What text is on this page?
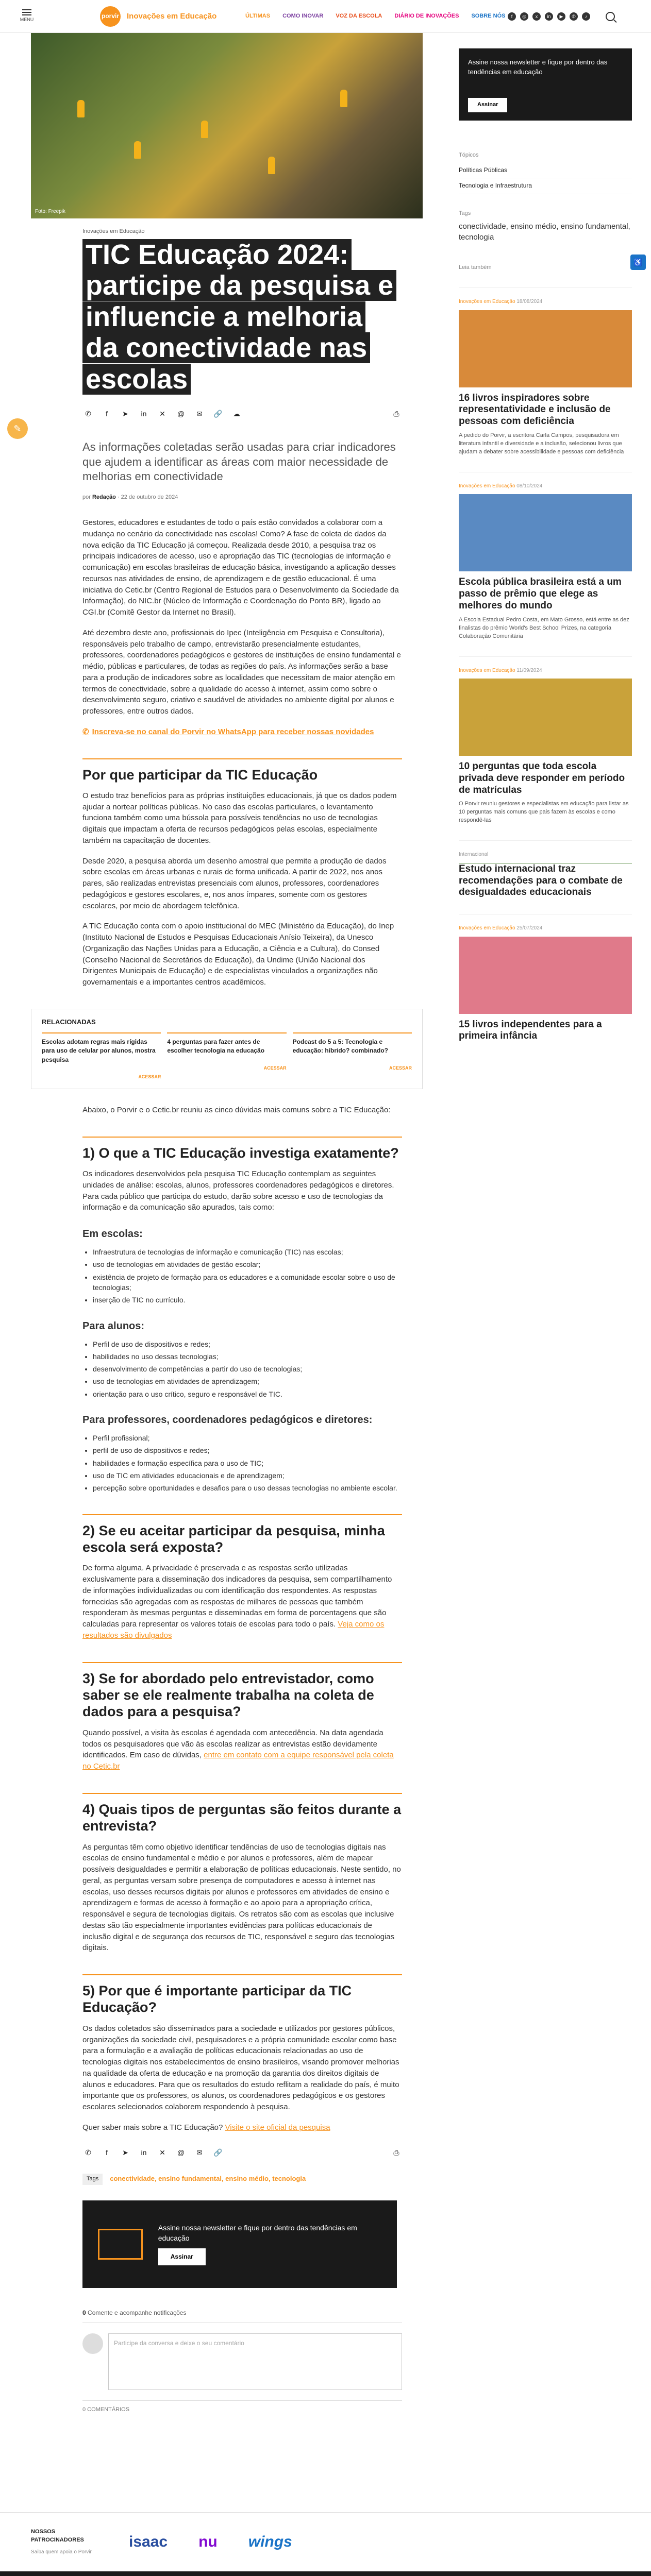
MENU
porvir Inovações em Educação	ÚLTIMAS COMO INOVAR VOZ DA ESCOLA DIÁRIO DE INOVAÇÕES SOBRE NÓS	f	◎	x	in	▶	✆	♪
Foto: Freepik
Inovações em Educação
TIC Educação 2024: participe da pesquisa e influencie a melhoria da conectividade nas escolas
✆	f	➤	in	✕	@	✉	🔗 ☁	⎙

As informações coletadas serão usadas para criar indicadores que ajudem a identificar as áreas com maior necessidade de melhorias em conectividade

por Redação · 22 de outubro de 2024

Gestores, educadores e estudantes de todo o país estão convidados a colaborar com a mudança no cenário da conectividade nas escolas! Como? A fase de coleta de dados da nova edição da TIC Educação já começou. Realizada desde 2010, a pesquisa traz os principais indicadores de acesso, uso e apropriação das TIC (tecnologias de informação e comunicação) em escolas brasileiras de educação básica, investigando a aplicação desses recursos nas atividades de ensino, de aprendizagem e de gestão educacional. É uma iniciativa do Cetic.br (Centro Regional de Estudos para o Desenvolvimento da Sociedade da Informação), do NIC.br (Núcleo de Informação e Coordenação do Ponto BR), ligado ao CGI.br (Comitê Gestor da Internet no Brasil).

Até dezembro deste ano, profissionais do Ipec (Inteligência em Pesquisa e Consultoria), responsáveis pelo trabalho de campo, entrevistarão presencialmente estudantes, professores, coordenadores pedagógicos e gestores de instituições de ensino fundamental e médio, públicas e particulares, de todas as regiões do país. As informações serão a base para a produção de indicadores sobre as localidades que necessitam de maior atenção em termos de conectividade, sobre a qualidade do acesso à internet, assim como sobre o desenvolvimento seguro, criativo e saudável de atividades no ambiente digital por alunos e professores, entre outros dados.

✆ Inscreva-se no canal do Porvir no WhatsApp para receber nossas novidades
Por que participar da TIC Educação

O estudo traz benefícios para as próprias instituições educacionais, já que os dados podem ajudar a nortear políticas públicas. No caso das escolas particulares, o levantamento funciona também como uma bússola para possíveis tendências no uso de tecnologias digitais que impactam a oferta de recursos pedagógicos pelas escolas, especialmente também na capacitação de docentes.

Desde 2020, a pesquisa aborda um desenho amostral que permite a produção de dados sobre escolas em áreas urbanas e rurais de forma unificada. A partir de 2022, nos anos pares, são realizadas entrevistas presenciais com alunos, professores, coordenadores pedagógicos e gestores escolares, e, nos anos ímpares, somente com os gestores escolares, por meio de abordagem telefônica.

A TIC Educação conta com o apoio institucional do MEC (Ministério da Educação), do Inep (Instituto Nacional de Estudos e Pesquisas Educacionais Anísio Teixeira), da Unesco (Organização das Nações Unidas para a Educação, a Ciência e a Cultura), do Consed (Conselho Nacional de Secretários de Educação), da Undime (União Nacional dos Dirigentes Municipais de Educação) e de especialistas vinculados a organizações não governamentais e a importantes centros acadêmicos.

RELACIONADAS
Escolas adotam regras mais rígidas para uso de celular por alunos, mostra pesquisa
ACESSAR
4 perguntas para fazer antes de escolher tecnologia na educação
ACESSAR
Podcast do 5 a 5: Tecnologia e educação: híbrido? combinado?
ACESSAR

Abaixo, o Porvir e o Cetic.br reuniu as cinco dúvidas mais comuns sobre a TIC Educação:

1) O que a TIC Educação investiga exatamente?

Os indicadores desenvolvidos pela pesquisa TIC Educação contemplam as seguintes unidades de análise: escolas, alunos, professores coordenadores pedagógicos e diretores. Para cada público que participa do estudo, darão sobre acesso e uso de tecnologias da informação e da comunicação são apurados, tais como:

Em escolas:
• Infraestrutura de tecnologias de informação e comunicação (TIC) nas escolas;
• uso de tecnologias em atividades de gestão escolar;
• existência de projeto de formação para os educadores e a comunidade escolar sobre o uso de tecnologias;
• inserção de TIC no currículo.
Para alunos:
• Perfil de uso de dispositivos e redes;
• habilidades no uso dessas tecnologias;
• desenvolvimento de competências a partir do uso de tecnologias;
• uso de tecnologias em atividades de aprendizagem;
• orientação para o uso crítico, seguro e responsável de TIC.
Para professores, coordenadores pedagógicos e diretores:
• Perfil profissional;
• perfil de uso de dispositivos e redes;
• habilidades e formação específica para o uso de TIC;
• uso de TIC em atividades educacionais e de aprendizagem;
• percepção sobre oportunidades e desafios para o uso dessas tecnologias no ambiente escolar.
2) Se eu aceitar participar da pesquisa, minha escola será exposta?

De forma alguma. A privacidade é preservada e as respostas serão utilizadas exclusivamente para a disseminação dos indicadores da pesquisa, sem compartilhamento de informações individualizadas ou com identificação dos respondentes. As respostas fornecidas são agregadas com as respostas de milhares de pessoas que também responderam às mesmas perguntas e disseminadas em forma de porcentagens que são calculadas para representar os valores totais de escolas para todo o país. Veja como os resultados são divulgados

3) Se for abordado pelo entrevistador, como saber se ele realmente trabalha na coleta de dados para a pesquisa?

Quando possível, a visita às escolas é agendada com antecedência. Na data agendada todos os pesquisadores que vão às escolas realizar as entrevistas estão devidamente identificados. Em caso de dúvidas, entre em contato com a equipe responsável pela coleta no Cetic.br

4) Quais tipos de perguntas são feitos durante a entrevista?

As perguntas têm como objetivo identificar tendências de uso de tecnologias digitais nas escolas de ensino fundamental e médio e por alunos e professores, além de mapear possíveis desigualdades e permitir a elaboração de políticas educacionais. Neste sentido, no geral, as perguntas versam sobre presença de computadores e acesso à internet nas escolas, uso desses recursos digitais por alunos e professores em atividades de ensino e aprendizagem e formas de acesso à formação e ao apoio para a apropriação crítica, responsável e segura de tecnologias digitais. Os retratos são com as escolas que inclusive destas são tão especialmente importantes evidências para políticas educacionais de inclusão digital e de segurança dos recursos de TIC, responsável e seguro das tecnologias digitais.

5) Por que é importante participar da TIC Educação?

Os dados coletados são disseminados para a sociedade e utilizados por gestores públicos, organizações da sociedade civil, pesquisadores e a própria comunidade escolar como base para a formulação e a avaliação de políticas educacionais relacionadas ao uso de tecnologias digitais nos estabelecimentos de ensino brasileiros, visando promover melhorias na qualidade da oferta de educação e na promoção da garantia dos direitos digitais de alunos e educadores. Para que os resultados do estudo reflitam a realidade do país, é muito importante que os professores, os alunos, os coordenadores pedagógicos e os gestores escolares selecionados colaborem respondendo à pesquisa.

Quer saber mais sobre a TIC Educação? Visite o site oficial da pesquisa

✆	f	➤	in	✕	@	✉	🔗	⎙
Tags	conectividade, ensino fundamental, ensino médio, tecnologia

Assine nossa newsletter e fique por dentro das tendências em educação

Assinar
0 Comente e acompanhe notificações
Participe da conversa e deixe o seu comentário
0 COMENTÁRIOS
Assine nossa newsletter e fique por dentro das tendências em educação
Assinar
Tópicos
Políticas Públicas
Tecnologia e Infraestrutura
Tags
conectividade, ensino médio, ensino fundamental, tecnologia
Leia também
Inovações em Educação 18/08/2024
16 livros inspiradores sobre representatividade e inclusão de pessoas com deficiência
A pedido do Porvir, a escritora Carla Campos, pesquisadora em literatura infantil e diversidade e a inclusão, selecionou livros que ajudam a debater sobre acessibilidade e pessoas com deficiência
Inovações em Educação 08/10/2024
Escola pública brasileira está a um passo de prêmio que elege as melhores do mundo
A Escola Estadual Pedro Costa, em Mato Grosso, está entre as dez finalistas do prêmio World's Best School Prizes, na categoria Colaboração Comunitária
Inovações em Educação 11/09/2024
10 perguntas que toda escola privada deve responder em período de matrículas
O Porvir reuniu gestores e especialistas em educação para listar as 10 perguntas mais comuns que pais fazem às escolas e como respondê-las
Internacional
Estudo internacional traz recomendações para o combate de desigualdades educacionais
Inovações em Educação 25/07/2024
15 livros independentes para a primeira infância
✎
♿
NOSSOS PATROCINADORES
Saiba quem apoia o Porvir
isaac nu wings
